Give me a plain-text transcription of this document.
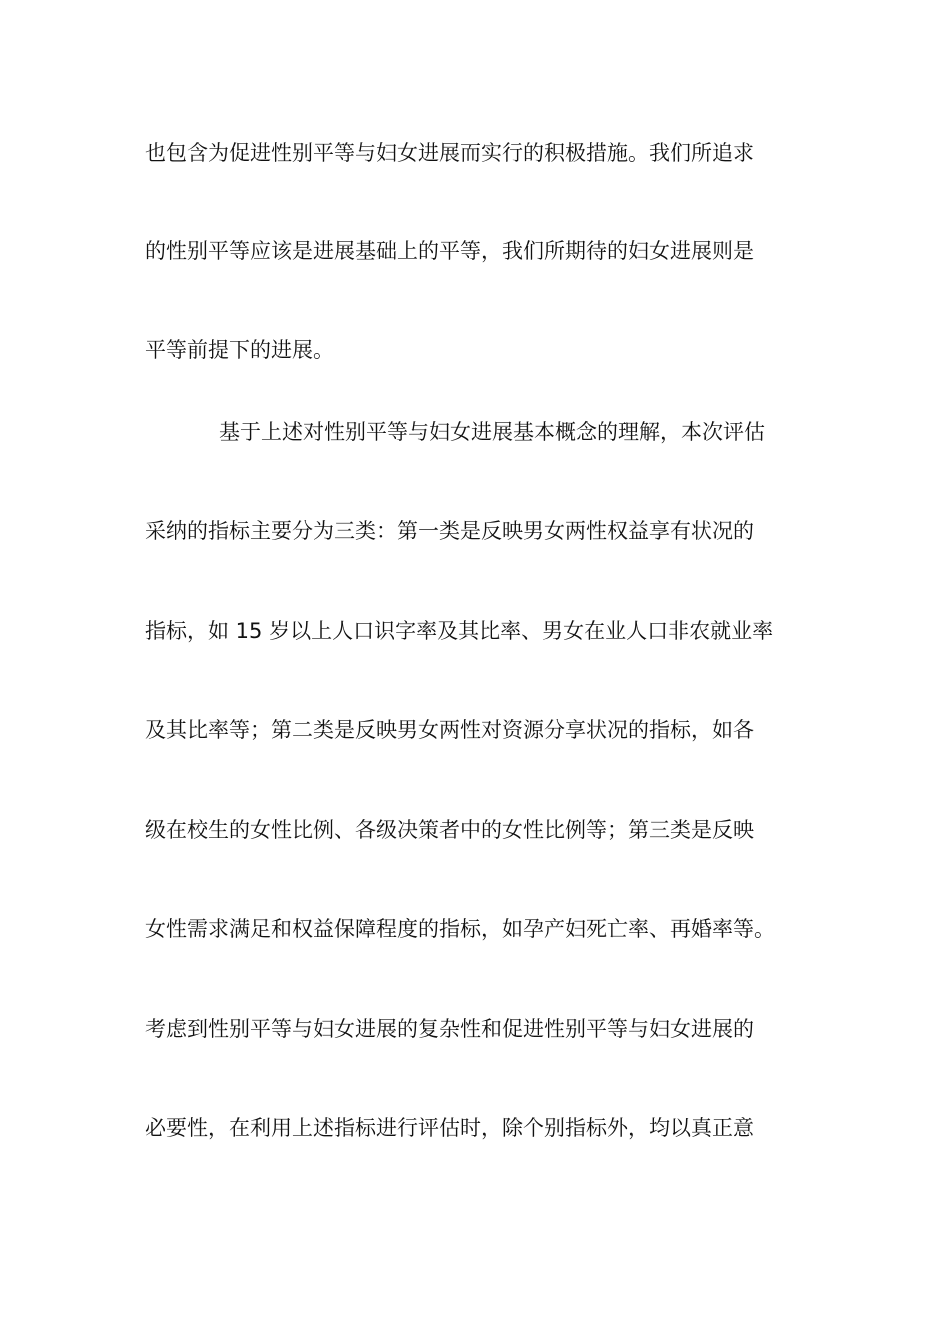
也包含为促进性别平等与妇女进展而实行的积极措施。我们所追求
的性别平等应该是进展基础上的平等，我们所期待的妇女进展则是
平等前提下的进展。
基于上述对性别平等与妇女进展基本概念的理解，本次评估
采纳的指标主要分为三类：第一类是反映男女两性权益享有状况的
指标，如 15 岁以上人口识字率及其比率、男女在业人口非农就业率
及其比率等；第二类是反映男女两性对资源分享状况的指标，如各
级在校生的女性比例、各级决策者中的女性比例等；第三类是反映
女性需求满足和权益保障程度的指标，如孕产妇死亡率、再婚率等。
考虑到性别平等与妇女进展的复杂性和促进性别平等与妇女进展的
必要性，在利用上述指标进行评估时，除个别指标外，均以真正意
